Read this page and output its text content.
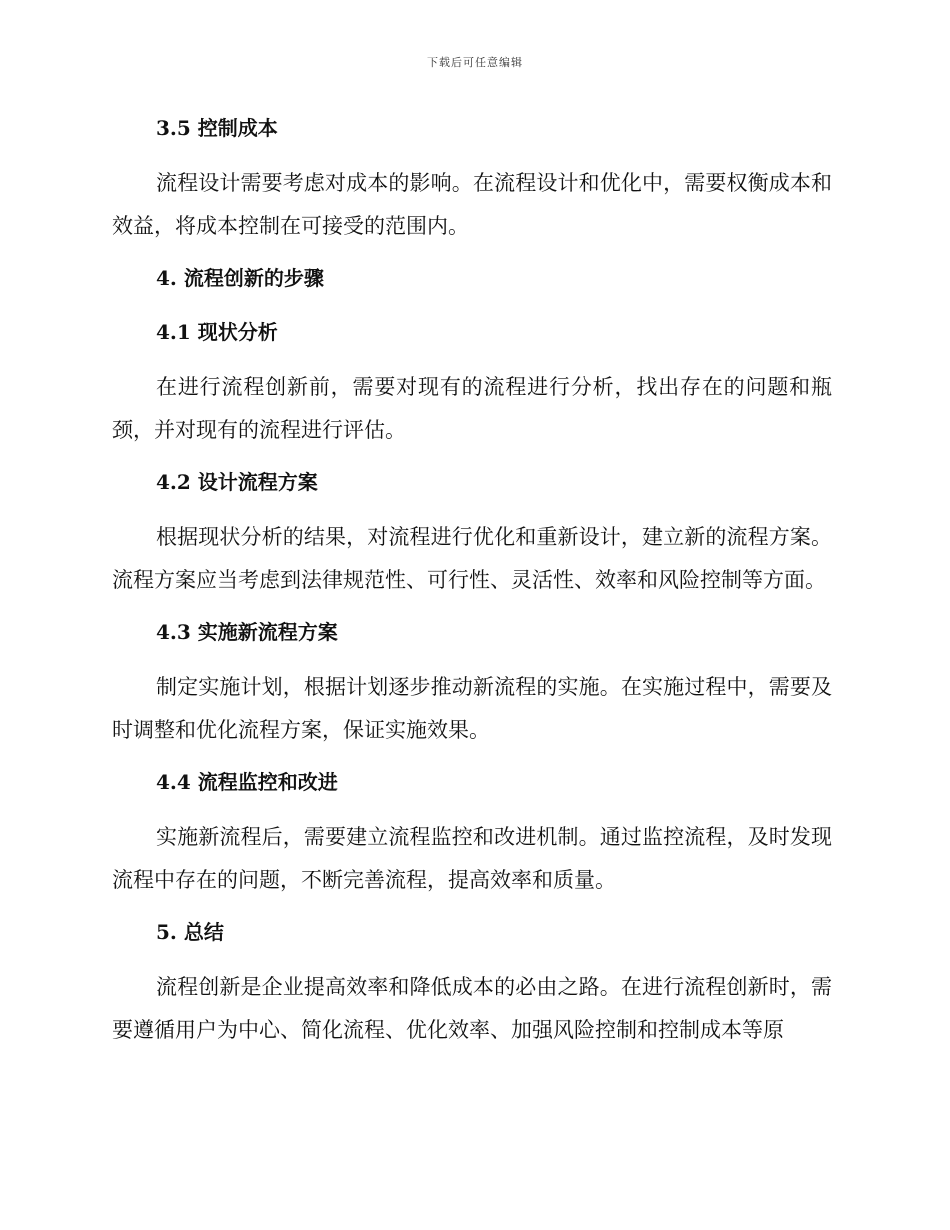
下载后可任意编辑
3.5 控制成本

流程设计需要考虑对成本的影响。在流程设计和优化中，需要权衡成本和效益，将成本控制在可接受的范围内。

4. 流程创新的步骤
4.1 现状分析

在进行流程创新前，需要对现有的流程进行分析，找出存在的问题和瓶颈，并对现有的流程进行评估。

4.2 设计流程方案

根据现状分析的结果，对流程进行优化和重新设计，建立新的流程方案。流程方案应当考虑到法律规范性、可行性、灵活性、效率和风险控制等方面。

4.3 实施新流程方案

制定实施计划，根据计划逐步推动新流程的实施。在实施过程中，需要及时调整和优化流程方案，保证实施效果。

4.4 流程监控和改进

实施新流程后，需要建立流程监控和改进机制。通过监控流程，及时发现流程中存在的问题，不断完善流程，提高效率和质量。

5. 总结

流程创新是企业提高效率和降低成本的必由之路。在进行流程创新时，需要遵循用户为中心、简化流程、优化效率、加强风险控制和控制成本等原
